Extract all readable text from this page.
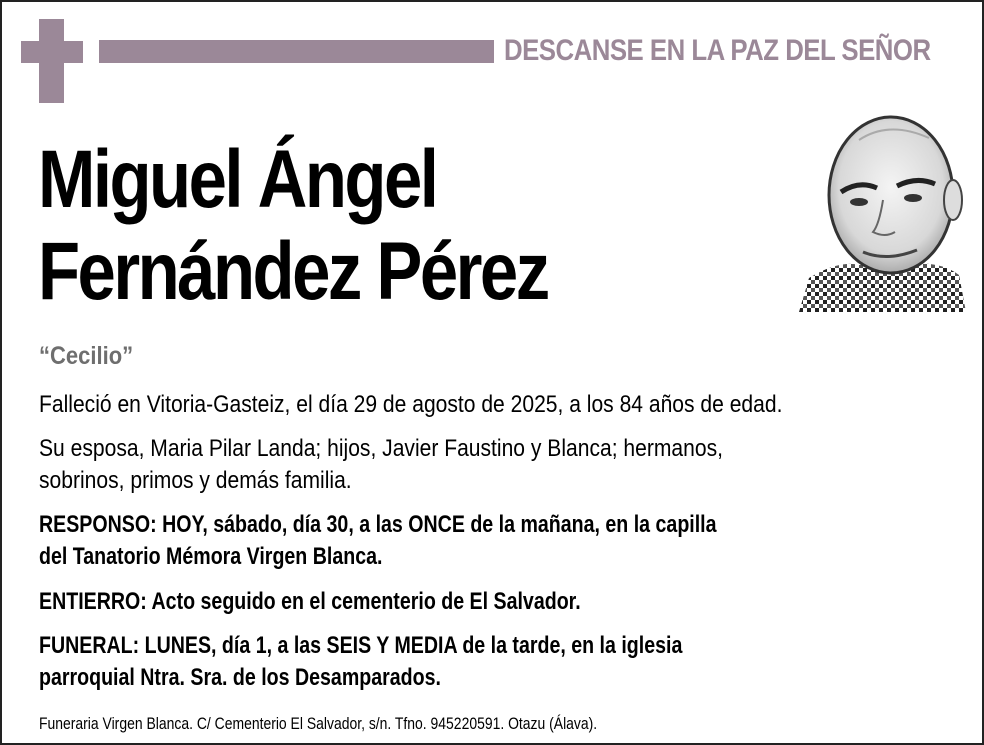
DESCANSE EN LA PAZ DEL SEÑOR
Miguel Ángel
Fernández Pérez
“Cecilio”
Falleció en Vitoria-Gasteiz, el día 29 de agosto de 2025, a los 84 años de edad.
Su esposa, Maria Pilar Landa; hijos, Javier Faustino y Blanca; hermanos,
sobrinos, primos y demás familia.
RESPONSO: HOY, sábado, día 30, a las ONCE de la mañana, en la capilla
del Tanatorio Mémora Virgen Blanca.
ENTIERRO: Acto seguido en el cementerio de El Salvador.
FUNERAL: LUNES, día 1, a las SEIS Y MEDIA de la tarde, en la iglesia
parroquial Ntra. Sra. de los Desamparados.
Funeraria Virgen Blanca. C/ Cementerio El Salvador, s/n. Tfno. 945220591. Otazu (Álava).
